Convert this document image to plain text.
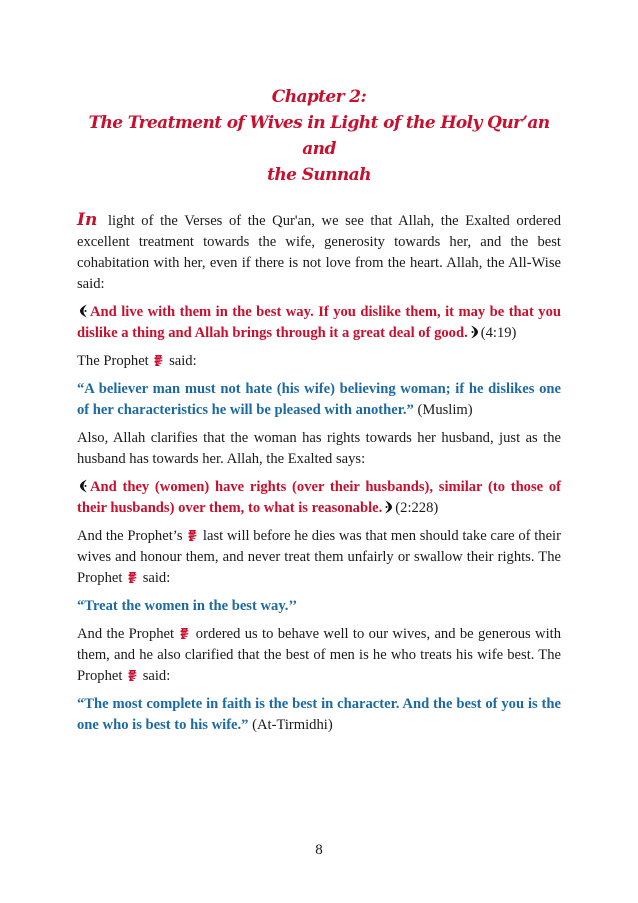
Chapter 2:
The Treatment of Wives in Light of the Holy Qur’an and
the Sunnah

In light of the Verses of the Qur'an, we see that Allah, the Exalted ordered excellent treatment towards the wife, generosity towards her, and the best cohabitation with her, even if there is not love from the heart. Allah, the All-Wise said:

And live with them in the best way. If you dislike them, it may be that you dislike a thing and Allah brings through it a great deal of good. (4:19)

The Prophet said:

“A believer man must not hate (his wife) believing woman; if he dislikes one of her characteristics he will be pleased with another.” (Muslim)

Also, Allah clarifies that the woman has rights towards her husband, just as the husband has towards her. Allah, the Exalted says:

And they (women) have rights (over their husbands), similar (to those of their husbands) over them, to what is reasonable. (2:228)

And the Prophet’s last will before he dies was that men should take care of their wives and honour them, and never treat them unfairly or swallow their rights. The Prophet said:

“Treat the women in the best way.’’

And the Prophet ordered us to behave well to our wives, and be generous with them, and he also clarified that the best of men is he who treats his wife best. The Prophet said:

“The most complete in faith is the best in character. And the best of you is the one who is best to his wife.” (At-Tirmidhi)

8
